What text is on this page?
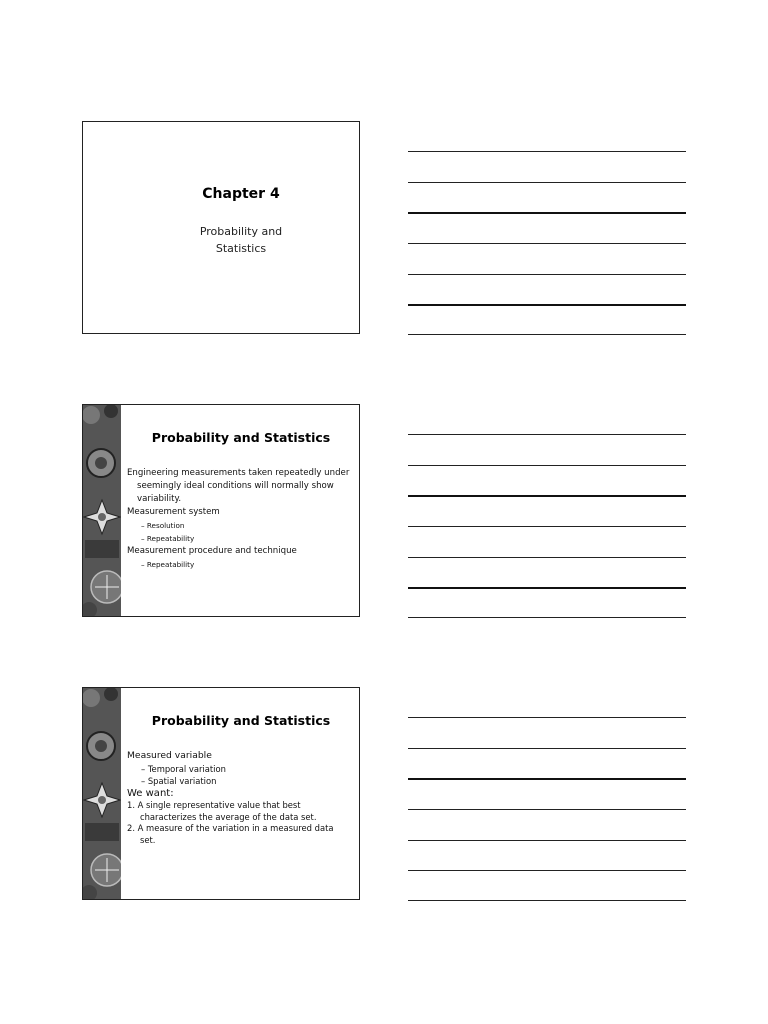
Chapter 4
Probability and
Statistics
Probability and Statistics

Engineering measurements taken repeatedly under seemingly ideal conditions will normally show variability.

Measurement system

– Resolution

– Repeatability

Measurement procedure and technique

– Repeatability

Probability and Statistics

Measured variable

– Temporal variation

– Spatial variation

We want:

1. A single representative value that best characterizes the average of the data set.

2. A measure of the variation in a measured data set.
